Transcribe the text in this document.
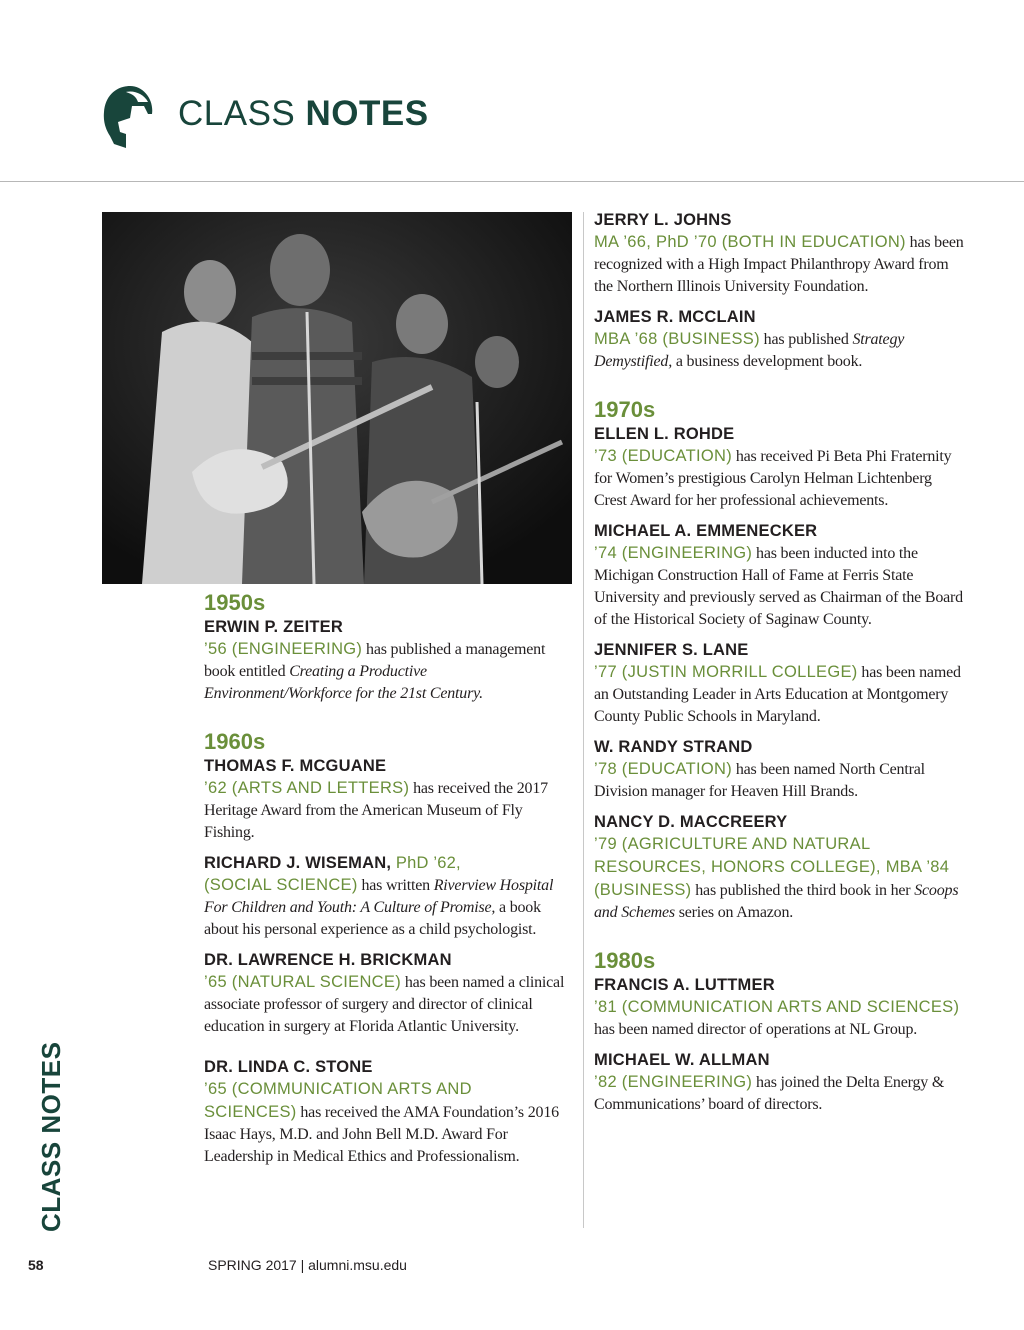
CLASS NOTES
1950s
ERWIN P. ZEITER
’56 (ENGINEERING) has published a management book entitled Creating a Productive Environment/Workforce for the 21st Century.
1960s
THOMAS F. MCGUANE
’62 (ARTS AND LETTERS) has received the 2017 Heritage Award from the American Museum of Fly Fishing.
RICHARD J. WISEMAN, PhD ’62,
(SOCIAL SCIENCE) has written Riverview Hospital For Children and Youth: A Culture of Promise, a book about his personal experience as a child psychologist.
DR. LAWRENCE H. BRICKMAN
’65 (NATURAL SCIENCE) has been named a clinical associate professor of surgery and director of clinical education in surgery at Florida Atlantic University.
DR. LINDA C. STONE
’65 (COMMUNICATION ARTS AND SCIENCES) has received the AMA Foundation’s 2016 Isaac Hays, M.D. and John Bell M.D. Award For Leadership in Medical Ethics and Professionalism.
JERRY L. JOHNS
MA ’66, PhD ’70 (BOTH IN EDUCATION) has been recognized with a High Impact Philanthropy Award from the Northern Illinois University Foundation.
JAMES R. MCCLAIN
MBA ’68 (BUSINESS) has published Strategy Demystified, a business development book.
1970s
ELLEN L. ROHDE
’73 (EDUCATION) has received Pi Beta Phi Fraternity for Women’s prestigious Carolyn Helman Lichtenberg Crest Award for her professional achievements.
MICHAEL A. EMMENECKER
’74 (ENGINEERING) has been inducted into the Michigan Construction Hall of Fame at Ferris State University and previously served as Chairman of the Board of the Historical Society of Saginaw County.
JENNIFER S. LANE
’77 (JUSTIN MORRILL COLLEGE) has been named an Outstanding Leader in Arts Education at Montgomery County Public Schools in Maryland.
W. RANDY STRAND
’78 (EDUCATION) has been named North Central Division manager for Heaven Hill Brands.
NANCY D. MACCREERY
’79 (AGRICULTURE AND NATURAL RESOURCES, HONORS COLLEGE), MBA ’84 (BUSINESS) has published the third book in her Scoops and Schemes series on Amazon.
1980s
FRANCIS A. LUTTMER
’81 (COMMUNICATION ARTS AND SCIENCES) has been named director of operations at NL Group.
MICHAEL W. ALLMAN
’82 (ENGINEERING) has joined the Delta Energy & Communications’ board of directors.
CLASS NOTES
58	SPRING 2017 | alumni.msu.edu
